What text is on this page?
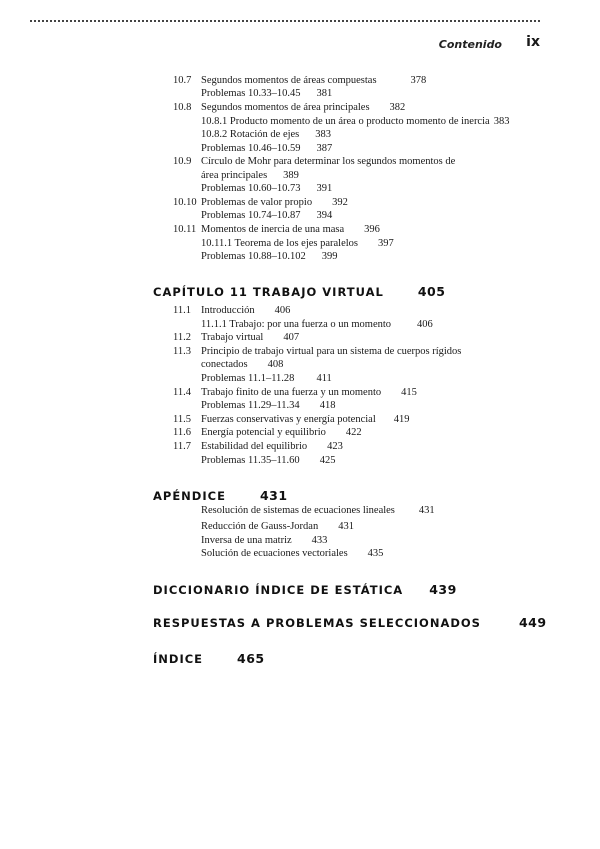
Contenido ix
10.7 Segundos momentos de áreas compuestas	378
Problemas 10.33–10.45 381
10.8 Segundos momentos de área principales 382
10.8.1 Producto momento de un área o producto momento de inercia 383
10.8.2 Rotación de ejes 383
Problemas 10.46–10.59 387
10.9 Círculo de Mohr para determinar los segundos momentos de
área principales 389
Problemas 10.60–10.73 391
10.10 Problemas de valor propio 392
Problemas 10.74–10.87 394
10.11 Momentos de inercia de una masa 396
10.11.1 Teorema de los ejes paralelos 397
Problemas 10.88–10.102 399
CAPÍTULO 11 TRABAJO VIRTUAL	405
11.1 Introducción 406
11.1.1 Trabajo: por una fuerza o un momento 406
11.2 Trabajo virtual 407
11.3 Principio de trabajo virtual para un sistema de cuerpos rígidos
conectados 408
Problemas 11.1–11.28 411
11.4 Trabajo finito de una fuerza y un momento 415
Problemas 11.29–11.34 418
11.5 Fuerzas conservativas y energía potencial 419
11.6 Energía potencial y equilibrio 422
11.7 Estabilidad del equilibrio 423
Problemas 11.35–11.60 425
APÉNDICE	431
Resolución de sistemas de ecuaciones lineales 431
Reducción de Gauss-Jordan 431
Inversa de una matriz 433
Solución de ecuaciones vectoriales 435
DICCIONARIO ÍNDICE DE ESTÁTICA 439
RESPUESTAS A PROBLEMAS SELECCIONADOS	449
ÍNDICE	465
